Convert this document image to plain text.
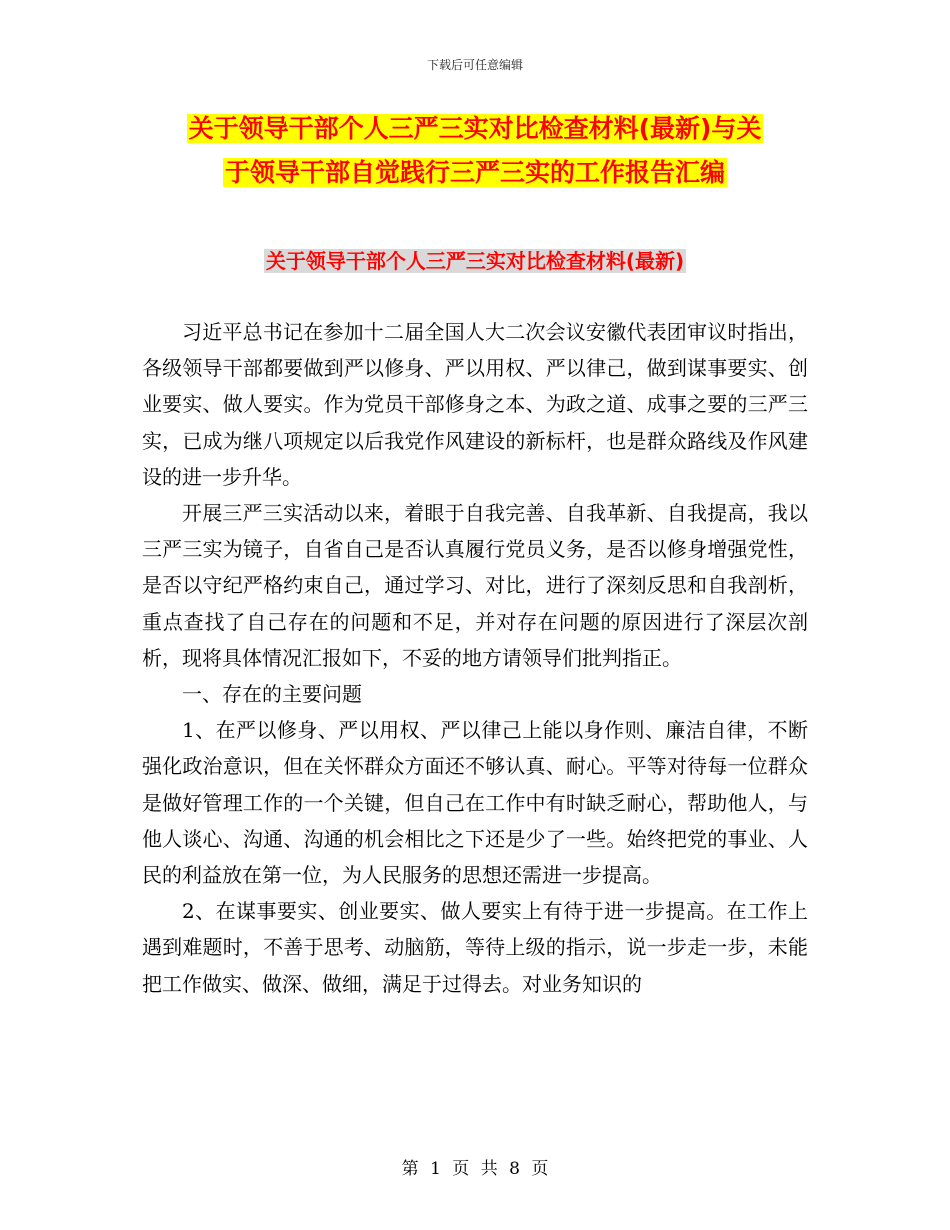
下载后可任意编辑
关于领导干部个人三严三实对比检查材料(最新)与关
于领导干部自觉践行三严三实的工作报告汇编
关于领导干部个人三严三实对比检查材料(最新)

习近平总书记在参加十二届全国人大二次会议安徽代表团审议时指出，各级领导干部都要做到严以修身、严以用权、严以律己，做到谋事要实、创业要实、做人要实。作为党员干部修身之本、为政之道、成事之要的三严三实，已成为继八项规定以后我党作风建设的新标杆，也是群众路线及作风建设的进一步升华。

开展三严三实活动以来，着眼于自我完善、自我革新、自我提高，我以三严三实为镜子，自省自己是否认真履行党员义务，是否以修身增强党性，是否以守纪严格约束自己，通过学习、对比，进行了深刻反思和自我剖析，重点查找了自己存在的问题和不足，并对存在问题的原因进行了深层次剖析，现将具体情况汇报如下，不妥的地方请领导们批判指正。

一、存在的主要问题

1、在严以修身、严以用权、严以律己上能以身作则、廉洁自律，不断强化政治意识，但在关怀群众方面还不够认真、耐心。平等对待每一位群众是做好管理工作的一个关键，但自己在工作中有时缺乏耐心，帮助他人，与他人谈心、沟通、沟通的机会相比之下还是少了一些。始终把党的事业、人民的利益放在第一位，为人民服务的思想还需进一步提高。

2、在谋事要实、创业要实、做人要实上有待于进一步提高。在工作上遇到难题时，不善于思考、动脑筋，等待上级的指示，说一步走一步，未能把工作做实、做深、做细，满足于过得去。对业务知识的

第 1 页 共 8 页
